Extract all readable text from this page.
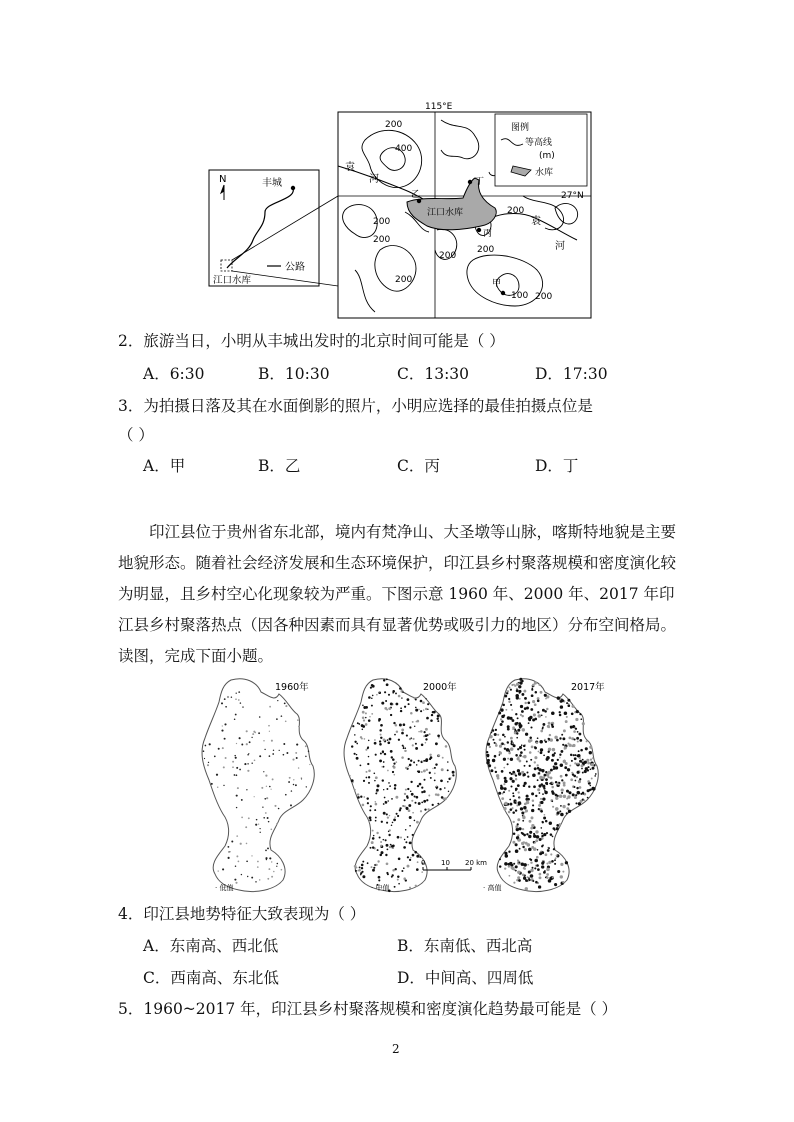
N	丰城
江口水库
公路
115°E
27°N
江口水库
200
400
200
200
200
200
200
200
100 200
袁
河
袁
河
甲
乙
丙
丁
图例
等高线
(m)
水库
2．旅游当日，小明从丰城出发时的北京时间可能是（ ）
A．6:30	B．10:30	C．13:30	D．17:30
3．为拍摄日落及其在水面倒影的照片，小明应选择的最佳拍摄点位是
（ ）
A．甲	B．乙	C．丙	D．丁
印江县位于贵州省东北部，境内有梵净山、大圣墩等山脉，喀斯特地貌是主要地貌形态。随着社会经济发展和生态环境保护，印江县乡村聚落规模和密度演化较为明显，且乡村空心化现象较为严重。下图示意 1960 年、2000 年、2017 年印江县乡村聚落热点（因各种因素而具有显著优势或吸引力的地区）分布空间格局。读图，完成下面小题。
1960年	2000年	2017年
0 10 20 km
· 低值	· 中值	· 高值
4．印江县地势特征大致表现为（ ）
A．东南高、西北低	B．东南低、西北高
C．西南高、东北低	D．中间高、四周低
5．1960~2017 年，印江县乡村聚落规模和密度演化趋势最可能是（ ）
2
